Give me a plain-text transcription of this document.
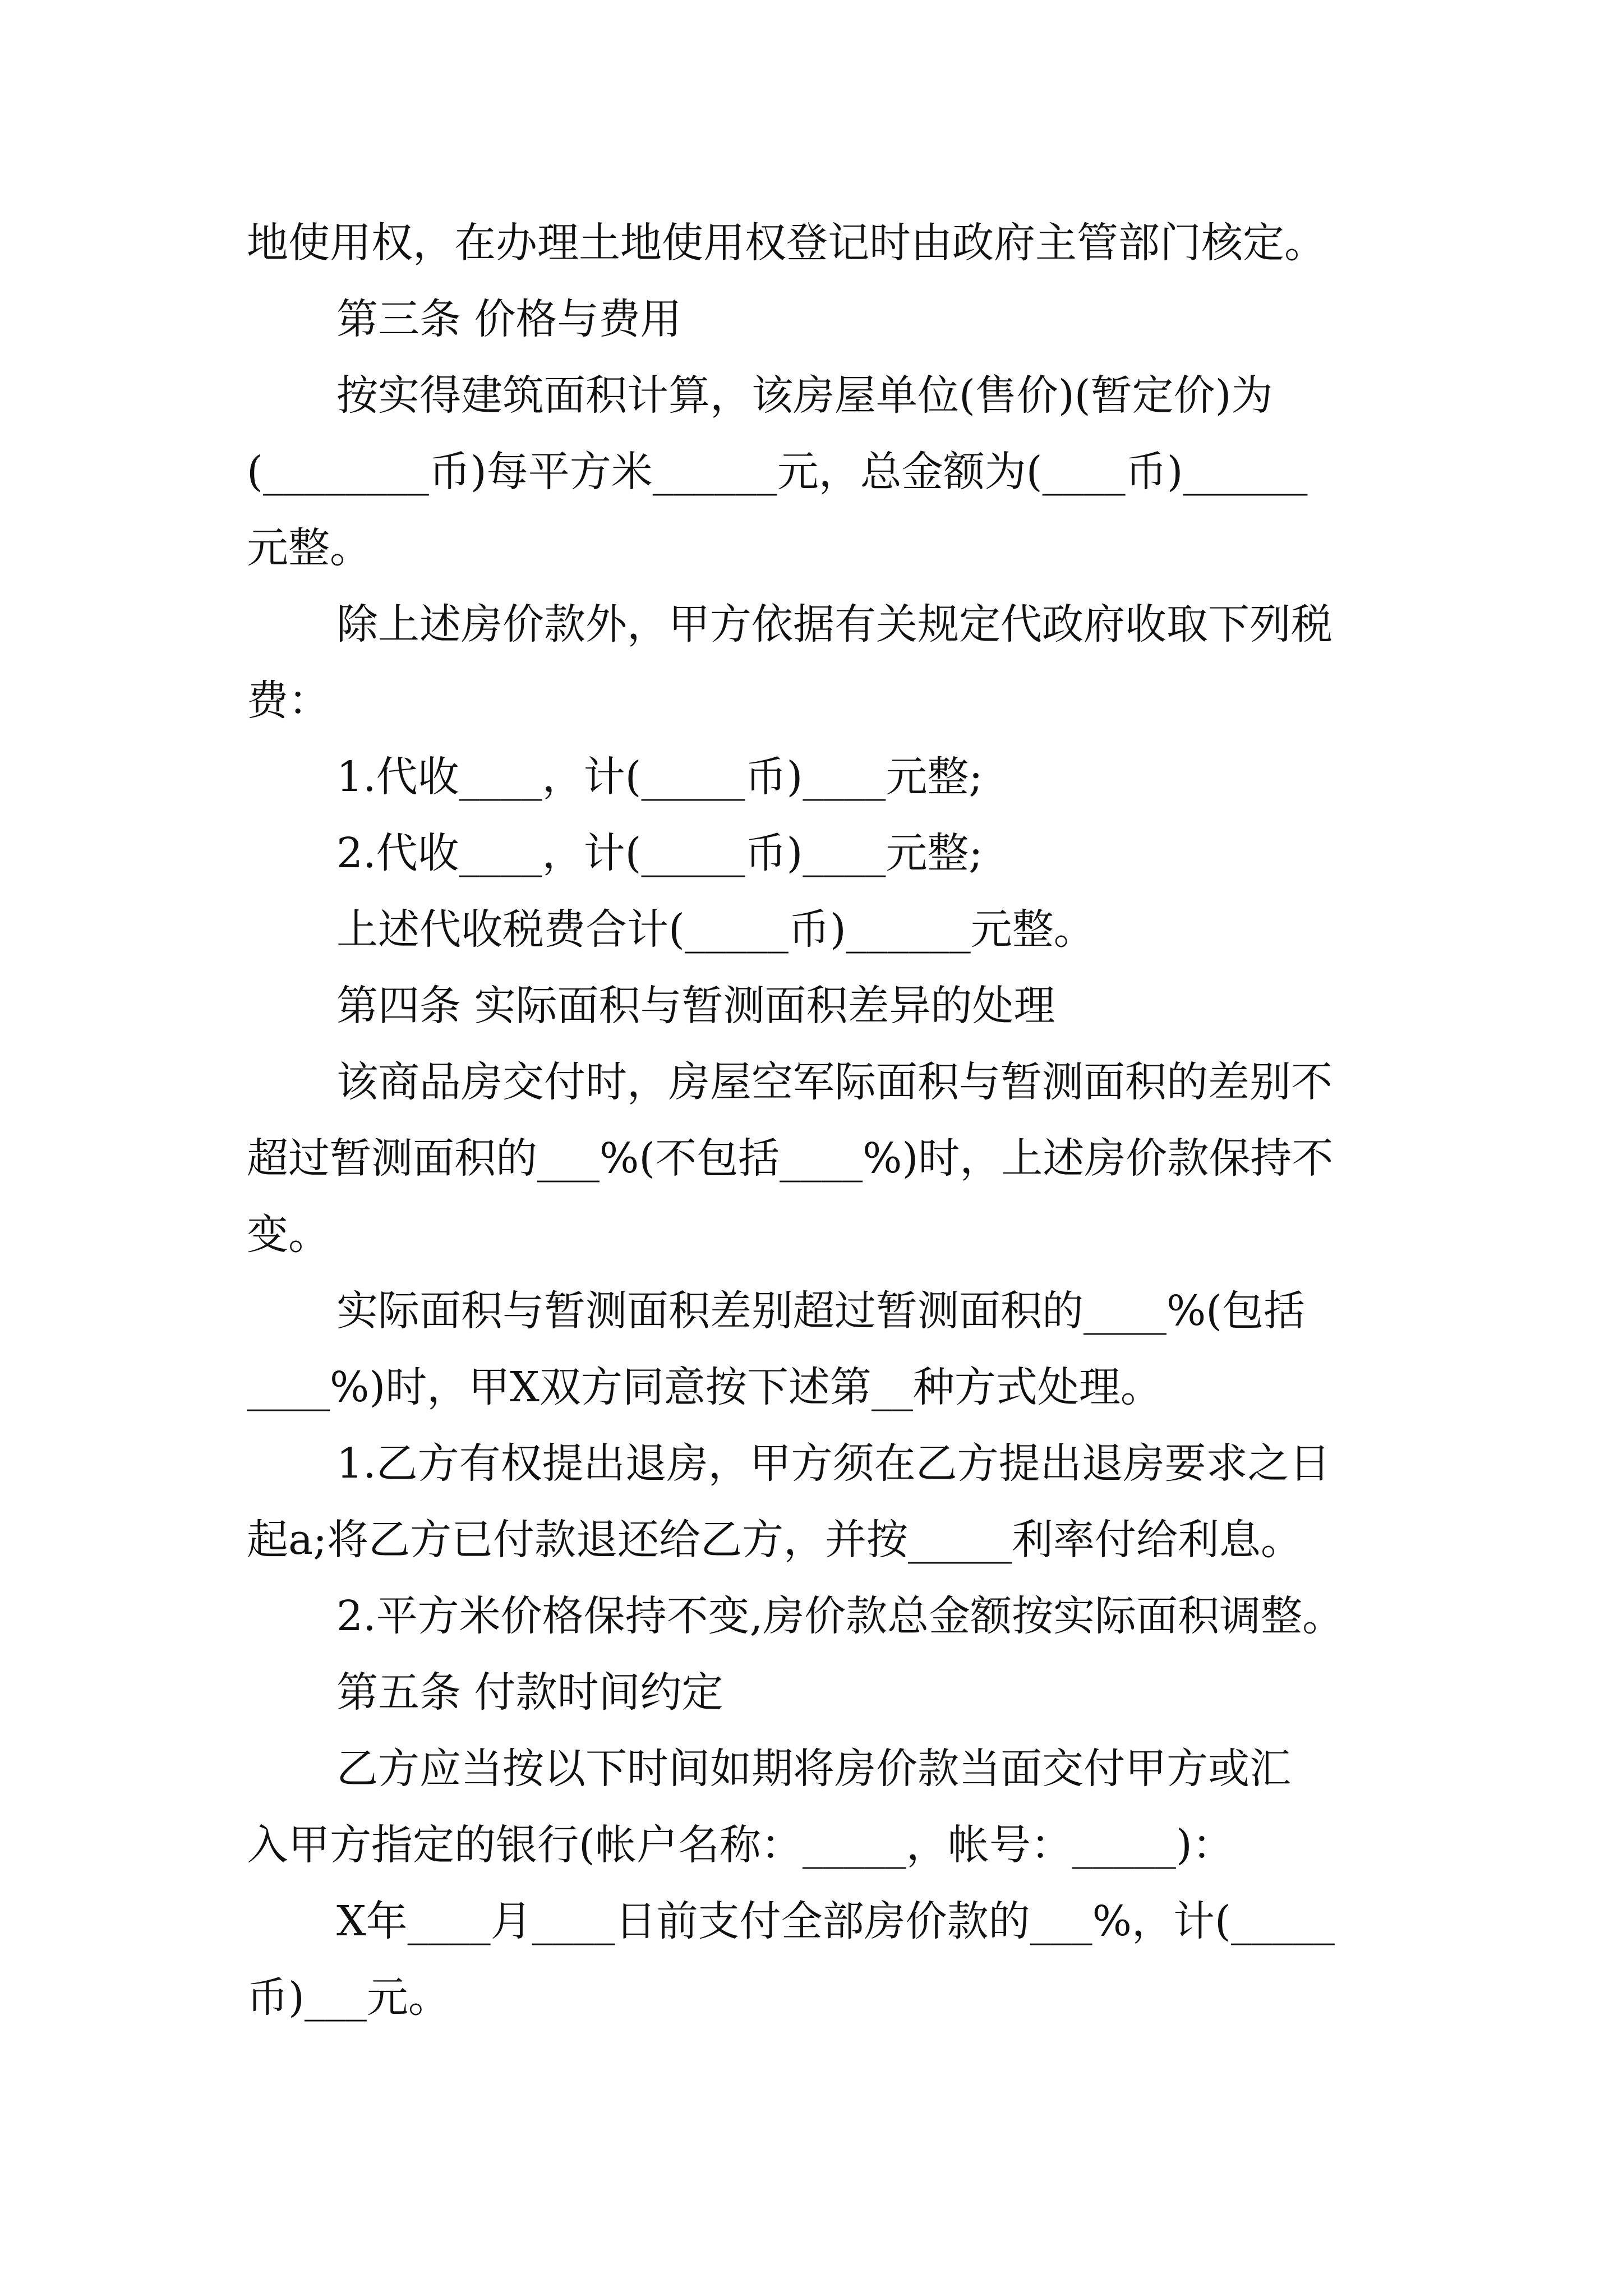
地使用权，在办理土地使用权登记时由政府主管部门核定。
第三条 价格与费用
按实得建筑面积计算，该房屋单位(售价)(暂定价)为
(________币)每平方米______元，总金额为(____币)______
元整。
除上述房价款外，甲方依据有关规定代政府收取下列税
费：
1.代收____，计(_____币)____元整;
2.代收____，计(_____币)____元整;
上述代收税费合计(_____币)______元整。
第四条 实际面积与暂测面积差异的处理
该商品房交付时，房屋空军际面积与暂测面积的差别不
超过暂测面积的___%(不包括____%)时，上述房价款保持不
变。
实际面积与暂测面积差别超过暂测面积的____%(包括
____%)时，甲X双方同意按下述第__种方式处理。
1.乙方有权提出退房，甲方须在乙方提出退房要求之日
起a;将乙方已付款退还给乙方，并按_____利率付给利息。
2.平方米价格保持不变,房价款总金额按实际面积调整。
第五条 付款时间约定
乙方应当按以下时间如期将房价款当面交付甲方或汇
入甲方指定的银行(帐户名称：_____，帐号：_____)：
X年____月____日前支付全部房价款的___%，计(_____
币)___元。
